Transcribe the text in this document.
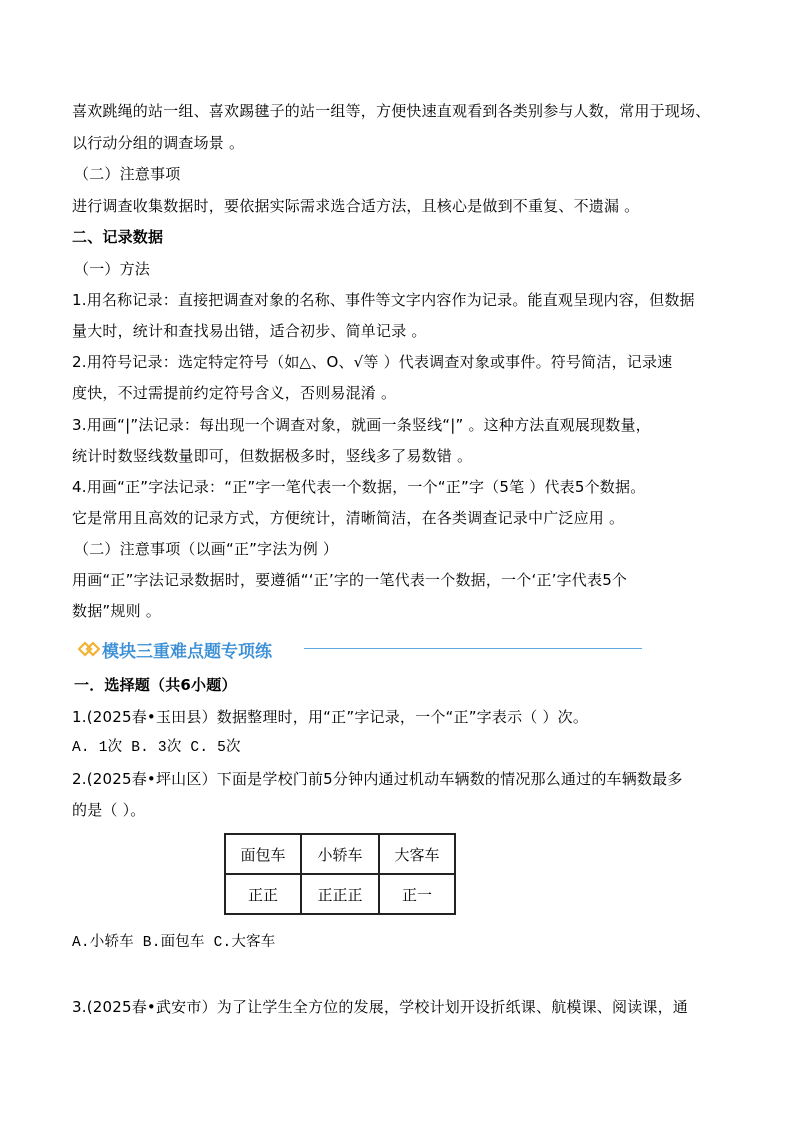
喜欢跳绳的站一组、喜欢踢毽子的站一组等，方便快速直观看到各类别参与人数，常用于现场、
以行动分组的调查场景 。
（二）注意事项
进行调查收集数据时，要依据实际需求选合适方法，且核心是做到不重复、不遗漏 。
二、记录数据
（一）方法
1.用名称记录：直接把调查对象的名称、事件等文字内容作为记录。能直观呈现内容，但数据
量大时，统计和查找易出错，适合初步、简单记录 。
2.用符号记录：选定特定符号（如△、O、√等 ）代表调查对象或事件。符号简洁，记录速
度快，不过需提前约定符号含义，否则易混淆 。
3.用画“|”法记录：每出现一个调查对象，就画一条竖线“|” 。这种方法直观展现数量，
统计时数竖线数量即可，但数据极多时，竖线多了易数错 。
4.用画“正”字法记录：“正”字一笔代表一个数据，一个“正”字（5笔 ）代表5个数据。
它是常用且高效的记录方式，方便统计，清晰简洁，在各类调查记录中广泛应用 。
（二）注意事项（以画“正”字法为例 ）
用画“正”字法记录数据时，要遵循“‘正’字的一笔代表一个数据，一个‘正’字代表5个
数据”规则 。
模块三重难点题专项练
一．选择题（共6小题）
1.(2025春•玉田县）数据整理时，用“正”字记录，一个“正”字表示（ ）次。
A. 1次 B. 3次 C. 5次
2.(2025春•坪山区）下面是学校门前5分钟内通过机动车辆数的情况那么通过的车辆数最多
的是（ ）。
面包车	小轿车	大客车
正正	正正正	正一
A.小轿车 B.面包车 C.大客车
3.(2025春•武安市）为了让学生全方位的发展，学校计划开设折纸课、航模课、阅读课，通
